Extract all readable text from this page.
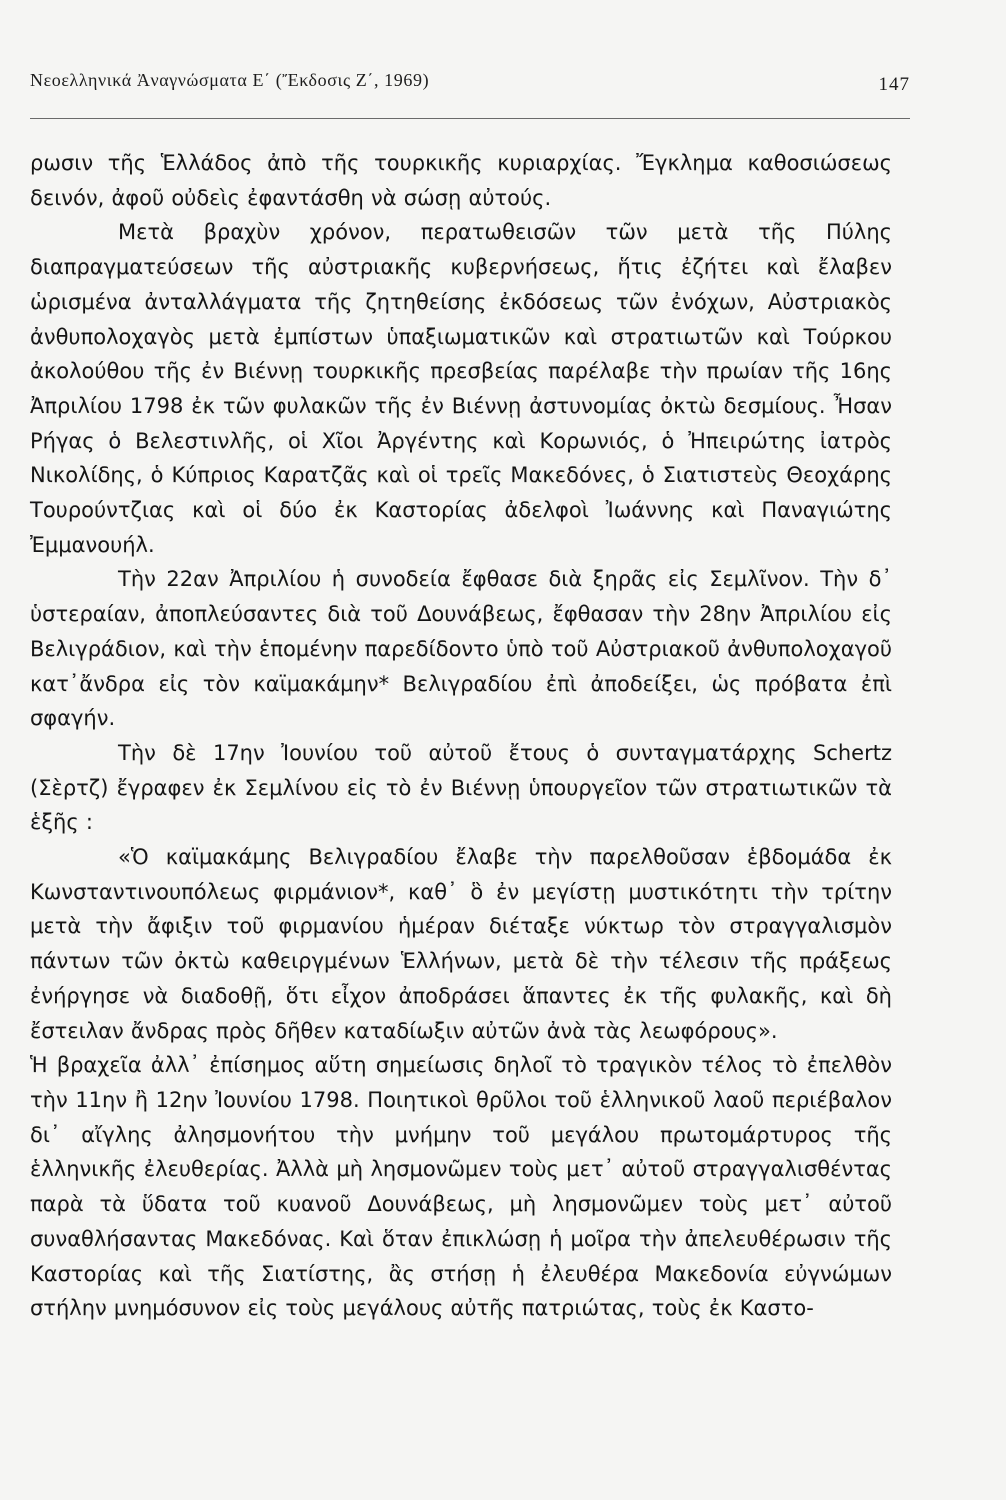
Νεοελληνικά Ἀναγνώσματα Ε΄ (Ἔκδοσις Ζ΄, 1969)	147

ρωσιν τῆς Ἑλλάδος ἀπὸ τῆς τουρκικῆς κυριαρχίας. Ἔγκλημα καθοσιώσεως δεινόν, ἀφοῦ οὐδεὶς ἐφαντάσθη νὰ σώσῃ αὐτούς.

Μετὰ βραχὺν χρόνον, περατωθεισῶν τῶν μετὰ τῆς Πύλης διαπραγματεύσεων τῆς αὐστριακῆς κυβερνήσεως, ἥτις ἐζήτει καὶ ἔλαβεν ὡρισμένα ἀνταλλάγματα τῆς ζητηθείσης ἐκδόσεως τῶν ἐνόχων, Αὐστριακὸς ἀνθυπολοχαγὸς μετὰ ἐμπίστων ὑπαξιωματικῶν καὶ στρατιωτῶν καὶ Τούρκου ἀκολούθου τῆς ἐν Βιέννῃ τουρκικῆς πρεσβείας παρέλαβε τὴν πρωίαν τῆς 16ης Ἀπριλίου 1798 ἐκ τῶν φυλακῶν τῆς ἐν Βιέννῃ ἀστυνομίας ὀκτὼ δεσμίους. Ἦσαν Ρήγας ὁ Βελεστινλῆς, οἱ Χῖοι Ἀργέντης καὶ Κορωνιός, ὁ Ἠπειρώτης ἰατρὸς Νικολίδης, ὁ Κύπριος Καρατζᾶς καὶ οἱ τρεῖς Μακεδόνες, ὁ Σιατιστεὺς Θεοχάρης Τουρούντζιας καὶ οἱ δύο ἐκ Καστορίας ἀδελφοὶ Ἰωάννης καὶ Παναγιώτης Ἐμμανουήλ.

Τὴν 22αν Ἀπριλίου ἡ συνοδεία ἔφθασε διὰ ξηρᾶς εἰς Σεμλῖνον. Τὴν δ᾽ ὑστεραίαν, ἀποπλεύσαντες διὰ τοῦ Δουνάβεως, ἔφθασαν τὴν 28ην Ἀπριλίου εἰς Βελιγράδιον, καὶ τὴν ἑπομένην παρεδίδοντο ὑπὸ τοῦ Αὐστριακοῦ ἀνθυπολοχαγοῦ κατ᾽ἄνδρα εἰς τὸν καϊμακάμην* Βελιγραδίου ἐπὶ ἀποδείξει, ὡς πρόβατα ἐπὶ σφαγήν.

Τὴν δὲ 17ην Ἰουνίου τοῦ αὐτοῦ ἔτους ὁ συνταγματάρχης Schertz (Σὲρτζ) ἔγραφεν ἐκ Σεμλίνου εἰς τὸ ἐν Βιέννῃ ὑπουργεῖον τῶν στρατιωτικῶν τὰ ἑξῆς :

«Ὁ καϊμακάμης Βελιγραδίου ἔλαβε τὴν παρελθοῦσαν ἑβδομάδα ἐκ Κωνσταντινουπόλεως φιρμάνιον*, καθ᾽ ὃ ἐν μεγίστῃ μυστικότητι τὴν τρίτην μετὰ τὴν ἄφιξιν τοῦ φιρμανίου ἡμέραν διέταξε νύκτωρ τὸν στραγγαλισμὸν πάντων τῶν ὀκτὼ καθειργμένων Ἑλλήνων, μετὰ δὲ τὴν τέλεσιν τῆς πράξεως ἐνήργησε νὰ διαδοθῇ, ὅτι εἶχον ἀποδράσει ἅπαντες ἐκ τῆς φυλακῆς, καὶ δὴ ἔστειλαν ἄνδρας πρὸς δῆθεν καταδίωξιν αὐτῶν ἀνὰ τὰς λεωφόρους».

Ἡ βραχεῖα ἀλλ᾽ ἐπίσημος αὕτη σημείωσις δηλοῖ τὸ τραγικὸν τέλος τὸ ἐπελθὸν τὴν 11ην ἢ 12ην Ἰουνίου 1798. Ποιητικοὶ θρῦλοι τοῦ ἑλληνικοῦ λαοῦ περιέβαλον δι᾽ αἴγλης ἀλησμονήτου τὴν μνήμην τοῦ μεγάλου πρωτομάρτυρος τῆς ἑλληνικῆς ἐλευθερίας. Ἀλλὰ μὴ λησμονῶμεν τοὺς μετ᾽ αὐτοῦ στραγγαλισθέντας παρὰ τὰ ὕδατα τοῦ κυανοῦ Δουνάβεως, μὴ λησμονῶμεν τοὺς μετ᾽ αὐτοῦ συναθλήσαντας Μακεδόνας. Καὶ ὅταν ἐπικλώσῃ ἡ μοῖρα τὴν ἀπελευθέρωσιν τῆς Καστορίας καὶ τῆς Σιατίστης, ἂς στήσῃ ἡ ἐλευθέρα Μακεδονία εὐγνώμων στήλην μνημόσυνον εἰς τοὺς μεγάλους αὐτῆς πατριώτας, τοὺς ἐκ Καστο-
